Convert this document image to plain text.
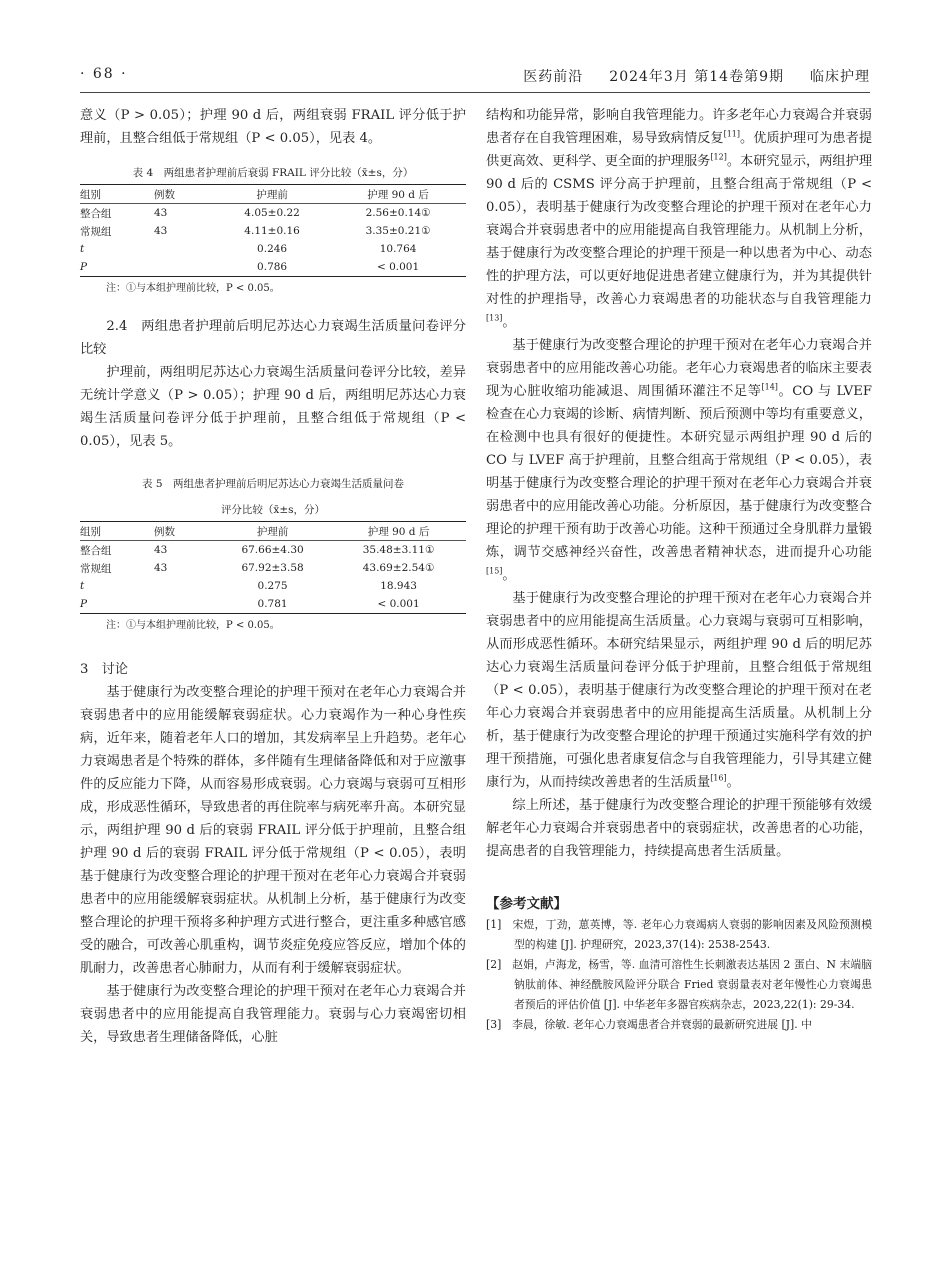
· 68 ·	医药前沿 2024年3月 第14卷第9期 临床护理

意义（P > 0.05）；护理 90 d 后，两组衰弱 FRAIL 评分低于护理前，且整合组低于常规组（P < 0.05），见表 4。

表 4　两组患者护理前后衰弱 FRAIL 评分比较（x̄±s，分）

组别	例数	护理前	护理 90 d 后
整合组	43	4.05±0.22	2.56±0.14①
常规组	43	4.11±0.16	3.35±0.21①
t		0.246	10.764
P		0.786	< 0.001

注：①与本组护理前比较，P < 0.05。

2.4　两组患者护理前后明尼苏达心力衰竭生活质量问卷评分比较

护理前，两组明尼苏达心力衰竭生活质量问卷评分比较，差异无统计学意义（P > 0.05）；护理 90 d 后，两组明尼苏达心力衰竭生活质量问卷评分低于护理前，且整合组低于常规组（P < 0.05），见表 5。

表 5　两组患者护理前后明尼苏达心力衰竭生活质量问卷

评分比较（x̄±s，分）

组别	例数	护理前	护理 90 d 后
整合组	43	67.66±4.30	35.48±3.11①
常规组	43	67.92±3.58	43.69±2.54①
t		0.275	18.943
P		0.781	< 0.001

注：①与本组护理前比较，P < 0.05。

3　讨论

基于健康行为改变整合理论的护理干预对在老年心力衰竭合并衰弱患者中的应用能缓解衰弱症状。心力衰竭作为一种心身性疾病，近年来，随着老年人口的增加，其发病率呈上升趋势。老年心力衰竭患者是个特殊的群体，多伴随有生理储备降低和对于应激事件的反应能力下降，从而容易形成衰弱。心力衰竭与衰弱可互相形成，形成恶性循环，导致患者的再住院率与病死率升高。本研究显示，两组护理 90 d 后的衰弱 FRAIL 评分低于护理前，且整合组护理 90 d 后的衰弱 FRAIL 评分低于常规组（P < 0.05），表明基于健康行为改变整合理论的护理干预对在老年心力衰竭合并衰弱患者中的应用能缓解衰弱症状。从机制上分析，基于健康行为改变整合理论的护理干预将多种护理方式进行整合，更注重多种感官感受的融合，可改善心肌重构，调节炎症免疫应答反应，增加个体的肌耐力，改善患者心肺耐力，从而有利于缓解衰弱症状。

基于健康行为改变整合理论的护理干预对在老年心力衰竭合并衰弱患者中的应用能提高自我管理能力。衰弱与心力衰竭密切相关，导致患者生理储备降低，心脏

结构和功能异常，影响自我管理能力。许多老年心力衰竭合并衰弱患者存在自我管理困难，易导致病情反复[11]。优质护理可为患者提供更高效、更科学、更全面的护理服务[12]。本研究显示，两组护理 90 d 后的 CSMS 评分高于护理前，且整合组高于常规组（P < 0.05），表明基于健康行为改变整合理论的护理干预对在老年心力衰竭合并衰弱患者中的应用能提高自我管理能力。从机制上分析，基于健康行为改变整合理论的护理干预是一种以患者为中心、动态性的护理方法，可以更好地促进患者建立健康行为，并为其提供针对性的护理指导，改善心力衰竭患者的功能状态与自我管理能力[13]。

基于健康行为改变整合理论的护理干预对在老年心力衰竭合并衰弱患者中的应用能改善心功能。老年心力衰竭患者的临床主要表现为心脏收缩功能减退、周围循环灌注不足等[14]。CO 与 LVEF 检查在心力衰竭的诊断、病情判断、预后预测中等均有重要意义，在检测中也具有很好的便捷性。本研究显示两组护理 90 d 后的 CO 与 LVEF 高于护理前，且整合组高于常规组（P < 0.05），表明基于健康行为改变整合理论的护理干预对在老年心力衰竭合并衰弱患者中的应用能改善心功能。分析原因，基于健康行为改变整合理论的护理干预有助于改善心功能。这种干预通过全身肌群力量锻炼，调节交感神经兴奋性，改善患者精神状态，进而提升心功能[15]。

基于健康行为改变整合理论的护理干预对在老年心力衰竭合并衰弱患者中的应用能提高生活质量。心力衰竭与衰弱可互相影响，从而形成恶性循环。本研究结果显示，两组护理 90 d 后的明尼苏达心力衰竭生活质量问卷评分低于护理前，且整合组低于常规组（P < 0.05），表明基于健康行为改变整合理论的护理干预对在老年心力衰竭合并衰弱患者中的应用能提高生活质量。从机制上分析，基于健康行为改变整合理论的护理干预通过实施科学有效的护理干预措施，可强化患者康复信念与自我管理能力，引导其建立健康行为，从而持续改善患者的生活质量[16]。

综上所述，基于健康行为改变整合理论的护理干预能够有效缓解老年心力衰竭合并衰弱患者中的衰弱症状，改善患者的心功能，提高患者的自我管理能力，持续提高患者生活质量。

【参考文献】

[1]　宋煜，丁劲，葸英博，等. 老年心力衰竭病人衰弱的影响因素及风险预测模型的构建 [J]. 护理研究，2023,37(14): 2538-2543.

[2]　赵娟，卢海龙，杨雪，等. 血清可溶性生长刺激表达基因 2 蛋白、N 末端脑钠肽前体、神经酰胺风险评分联合 Fried 衰弱量表对老年慢性心力衰竭患者预后的评估价值 [J]. 中华老年多器官疾病杂志，2023,22(1): 29-34.

[3]　李晨，徐敏. 老年心力衰竭患者合并衰弱的最新研究进展 [J]. 中
